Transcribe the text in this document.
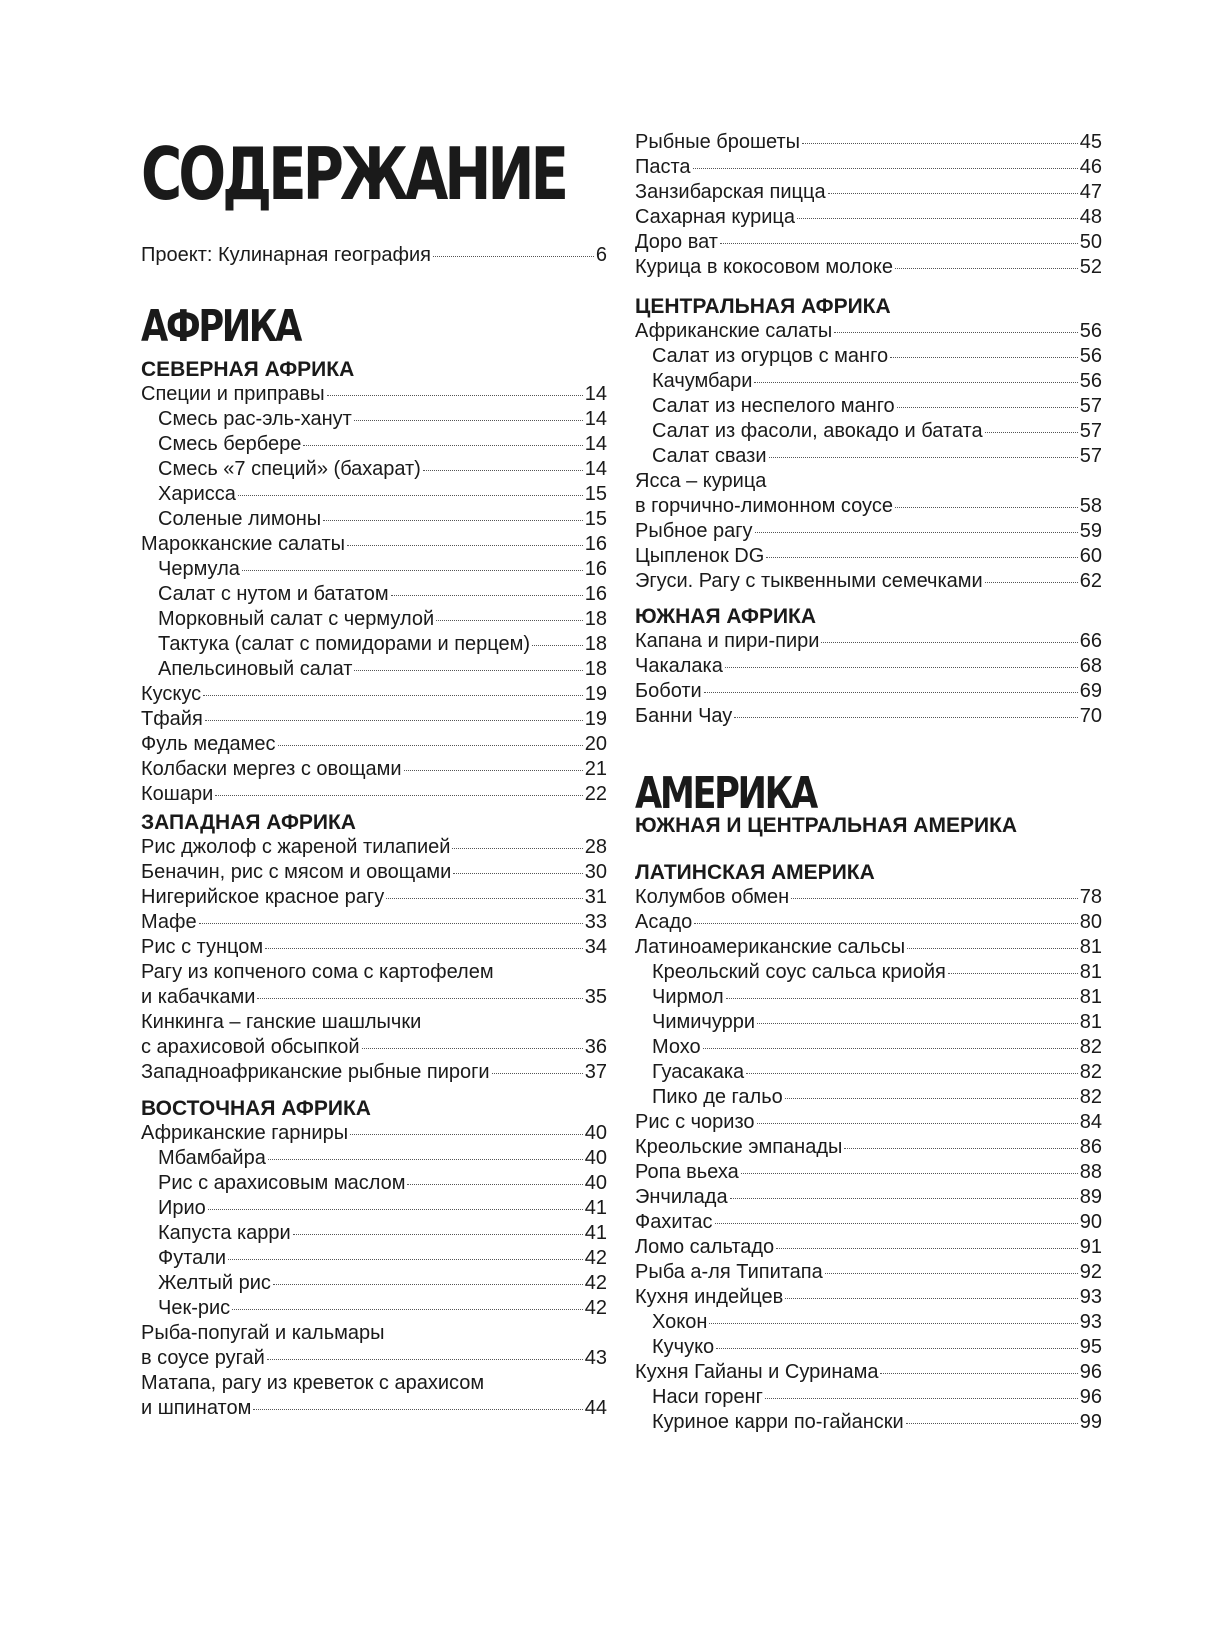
СОДЕРЖАНИЕ
Проект: Кулинарная география	6
АФРИКА
СЕВЕРНАЯ АФРИКА
Специи и приправы	14
Смесь рас-эль-ханут	14
Смесь берберe	14
Смесь «7 специй» (бахарат)	14
Харисса	15
Соленые лимоны	15
Марокканские салаты	16
Чермула	16
Салат с нутом и бататом	16
Морковный салат с чермулой	18
Тактука (салат с помидорами и перцем)	18
Апельсиновый салат	18
Кускус	19
Тфайя	19
Фуль медамес	20
Колбаски мергез с овощами	21
Кошари	22
ЗАПАДНАЯ АФРИКА
Рис джолоф с жареной тилапией	28
Беначин, рис с мясом и овощами	30
Нигерийское красное рагу	31
Мафе	33
Рис с тунцом	34
Рагу из копченого сома с картофелем
и кабачками	35
Кинкинга – ганские шашлычки
с арахисовой обсыпкой	36
Западноафриканские рыбные пироги	37
ВОСТОЧНАЯ АФРИКА
Африканские гарниры	40
Мбамбайра	40
Рис с арахисовым маслом	40
Ирио	41
Капуста карри	41
Футали	42
Желтый рис	42
Чек-рис	42
Рыба-попугай и кальмары
в соусе ругай	43
Матапа, рагу из креветок с арахисом
и шпинатом	44
Рыбные брошеты	45
Паста	46
Занзибарская пицца	47
Сахарная курица	48
Доро ват	50
Курица в кокосовом молоке	52
ЦЕНТРАЛЬНАЯ АФРИКА
Африканские салаты	56
Салат из огурцов с манго	56
Качумбари	56
Салат из неспелого манго	57
Салат из фасоли, авокадо и батата	57
Салат свази	57
Ясса – курица
в горчично-лимонном соусе	58
Рыбное рагу	59
Цыпленок DG	60
Эгуси. Рагу с тыквенными семечками	62
ЮЖНАЯ АФРИКА
Капана и пири-пири	66
Чакалака	68
Боботи	69
Банни Чау	70
АМЕРИКА
ЮЖНАЯ И ЦЕНТРАЛЬНАЯ АМЕРИКА
ЛАТИНСКАЯ АМЕРИКА
Колумбов обмен	78
Асадо	80
Латиноамериканские сальсы	81
Креольский соус сальса криойя	81
Чирмол	81
Чимичурри	81
Мохо	82
Гуасакака	82
Пико де гальо	82
Рис с чоризо	84
Креольские эмпанады	86
Ропа вьеха	88
Энчилада	89
Фахитас	90
Ломо сальтадо	91
Рыба а-ля Типитапа	92
Кухня индейцев	93
Хокон	93
Кучуко	95
Кухня Гайаны и Суринама	96
Наси горенг	96
Куриное карри по-гайански	99
